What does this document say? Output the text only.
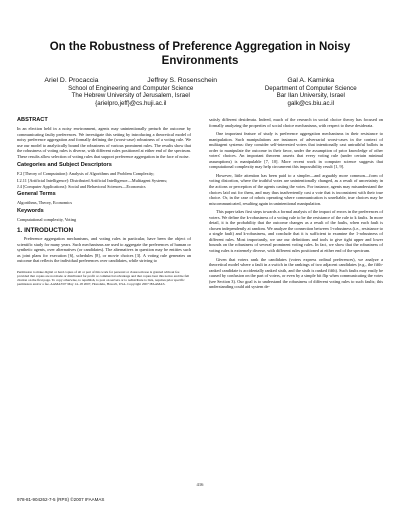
On the Robustness of Preference Aggregation in Noisy Environments
Ariel D. Procaccia	Jeffrey S. Rosenschein
School of Engineering and Computer Science
The Hebrew University of Jerusalem, Israel
{arielpro,jeff}@cs.huji.ac.il
Gal A. Kaminka
Department of Computer Science
Bar Ilan University, Israel
galk@cs.biu.ac.il
ABSTRACT

In an election held in a noisy environment, agents may unintentionally perturb the outcome by communicating faulty preferences. We investigate this setting by introducing a theoretical model of noisy preference aggregation and formally defining the (worst-case) robustness of a voting rule. We use our model to analytically bound the robustness of various prominent rules. The results show that the robustness of voting rules is diverse, with different rules positioned at either end of the spectrum. These results allow selection of voting rules that support preference aggregation in the face of noise.

Categories and Subject Descriptors

F.2 [Theory of Computation]: Analysis of Algorithms and Problem Complexity;

I.2.11 [Artificial Intelligence]: Distributed Artificial Intelligence—Multiagent Systems;

J.4 [Computer Applications]: Social and Behavioral Sciences—Economics

General Terms

Algorithms, Theory, Economics

Keywords

Computational complexity, Voting

1. INTRODUCTION

Preference aggregation mechanisms, and voting rules in particular, have been the object of scientific study for many years. Such mechanisms are used to aggregate the preferences of human or synthetic agents, over alternatives (or candidates). The alternatives in question may be entities such as joint plans for execution [6], schedules [8], or movie choices [3]. A voting rule generates an outcome that reflects the individual preferences over candidates, while striving to

Permission to make digital or hard copies of all or part of this work for personal or classroom use is granted without fee provided that copies are not made or distributed for profit or commercial advantage and that copies bear this notice and the full citation on the first page. To copy otherwise, to republish, to post on servers or to redistribute to lists, requires prior specific permission and/or a fee. AAMAS'07 May 14–18 2007, Honolulu, Hawai'i, USA. Copyright 2007 IFAAMAS.

satisfy different desiderata. Indeed, much of the research in social choice theory has focused on formally analyzing the properties of social choice mechanisms, with respect to these desiderata.

One important feature of study is preference aggregation mechanisms in their resistance to manipulation. Such manipulations are instances of adversarial worst-cases in the context of multiagent systems: they consider self-interested voters that intentionally cast untruthful ballots in order to manipulate the outcome in their favor, under the assumption of prior knowledge of other voters' choices. An important theorem asserts that every voting rule (under certain minimal assumptions) is manipulable [7, 10]. More recent work in computer science suggests that computational complexity may help circumvent this impossibility result [1, 9].

However, little attention has been paid to a simpler—and arguably more common—form of voting distortion, where the truthful votes are unintentionally changed, as a result of uncertainty in the actions or perception of the agents casting the votes. For instance, agents may misunderstand the choices laid out for them, and may thus inadvertently cast a vote that is inconsistent with their true choice. Or, in the case of robots operating where communication is unreliable, true choices may be miscommunicated, resulting again in unintentional manipulation.

This paper takes first steps towards a formal analysis of the impact of errors in the preferences of voters. We define the k-robustness of a voting rule to be the resistance of the rule to k faults. In more detail, it is the probability that the outcome changes as a result of the faults, when each fault is chosen independently at random. We analyze the connection between 1-robustness (i.e., resistance to a single fault) and k-robustness, and conclude that it is sufficient to examine the 1-robustness of different rules. Most importantly, we use our definitions and tools to give tight upper and lower bounds on the robustness of several prominent voting rules. In fact, we show that the robustness of voting rules is extremely diverse, with different rules positioned at either end of the spectrum.

Given that voters rank the candidates (voters express ordinal preferences), we analyze a theoretical model where a fault in a switch in the rankings of two adjacent candidates (e.g., the fifth-ranked candidate is accidentally ranked sixth, and the sixth is ranked fifth). Such faults may easily be caused by confusion on the part of voters, or even by a simple bit flip when communicating the votes (see Section 3). Our goal is to understand the robustness of different voting rules to such faults; this understanding could aid system de-

416
978-81-904262-7-5 (RPS) ©2007 IFAAMAS
